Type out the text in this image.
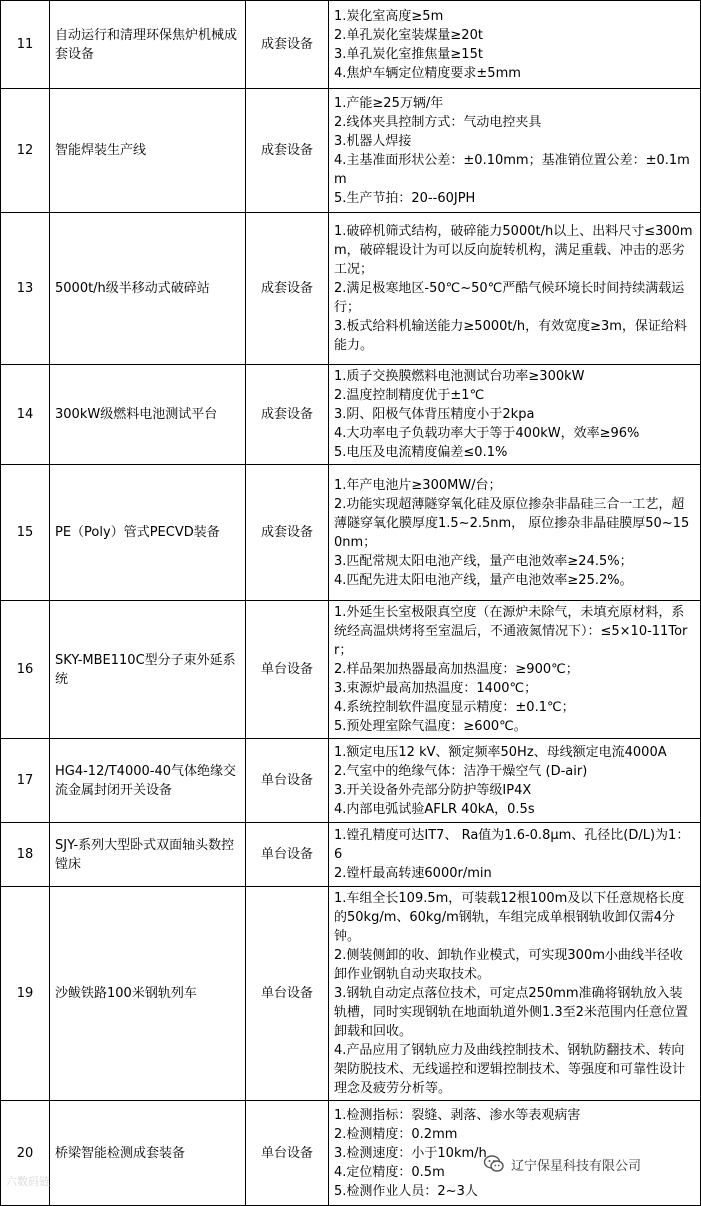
11	自动运行和清理环保焦炉机械成套设备	成套设备	1.炭化室高度≥5m
2.单孔炭化室装煤量≥20t
3.单孔炭化室推焦量≥15t
4.焦炉车辆定位精度要求±5mm

12	智能焊装生产线	成套设备	1.产能≥25万辆/年
2.线体夹具控制方式：气动电控夹具
3.机器人焊接
4.主基准面形状公差：±0.10mm；基准销位置公差：±0.1mm
5.生产节拍：20--60JPH

13	5000t/h级半移动式破碎站	成套设备	1.破碎机筛式结构，破碎能力5000t/h以上、出料尺寸≤300mm，破碎辊设计为可以反向旋转机构，满足重载、冲击的恶劣工况；
2.满足极寒地区-50℃~50℃严酷气候环境长时间持续满载运行；
3.板式给料机输送能力≥5000t/h，有效宽度≥3m，保证给料能力。

14	300kW级燃料电池测试平台	成套设备	1.质子交换膜燃料电池测试台功率≥300kW
2.温度控制精度优于±1℃
3.阴、阳极气体背压精度小于2kpa
4.大功率电子负载功率大于等于400kW，效率≥96%
5.电压及电流精度偏差≤0.1%

15	PE（Poly）管式PECVD装备	成套设备	1.年产电池片≥300MW/台；
2.功能实现超薄隧穿氧化硅及原位掺杂非晶硅三合一工艺，超薄隧穿氧化膜厚度1.5~2.5nm， 原位掺杂非晶硅膜厚50~150nm；
3.匹配常规太阳电池产线，量产电池效率≥24.5%；
4.匹配先进太阳电池产线，量产电池效率≥25.2%。

16	SKY-MBE110C型分子束外延系统	单台设备	1.外延生长室极限真空度（在源炉未除气，未填充原材料，系统经高温烘烤将至室温后，不通液氮情况下）：≤5×10-11Torr；
2.样品架加热器最高加热温度：≥900℃；
3.束源炉最高加热温度：1400℃；
4.系统控制软件温度显示精度：±0.1℃；
5.预处理室除气温度：≥600℃。

17	HG4-12/T4000-40气体绝缘交流金属封闭开关设备	单台设备	1.额定电压12 kV、额定频率50Hz、母线额定电流4000A
2.气室中的绝缘气体：洁净干燥空气 (D-air)
3.开关设备外壳部分防护等级IP4X
4.内部电弧试验AFLR 40kA，0.5s

18	SJY-系列大型卧式双面轴头数控镗床	单台设备	1.镗孔精度可达IT7、 Ra值为1.6-0.8μm、孔径比(D/L)为1：6
2.镗杆最高转速6000r/min

19	沙鲅铁路100米钢轨列车	单台设备	1.车组全长109.5m，可装载12根100m及以下任意规格长度的50kg/m、60kg/m钢轨，车组完成单根钢轨收卸仅需4分钟。
2.侧装侧卸的收、卸轨作业模式，可实现300m小曲线半径收卸作业钢轨自动夹取技术。
3.钢轨自动定点落位技术，可定点250mm准确将钢轨放入装轨槽，同时实现钢轨在地面轨道外侧1.3至2米范围内任意位置卸载和回收。
4.产品应用了钢轨应力及曲线控制技术、钢轨防翻技术、转向架防脱技术、无线遥控和逻辑控制技术、等强度和可靠性设计理念及疲劳分析等。

20	桥梁智能检测成套装备	单台设备	1.检测指标：裂缝、剥落、渗水等表观病害
2.检测精度：0.2mm
3.检测速度：小于10km/h
4.定位精度：0.5m
5.检测作业人员：2~3人
六数码链
辽宁保星科技有限公司
